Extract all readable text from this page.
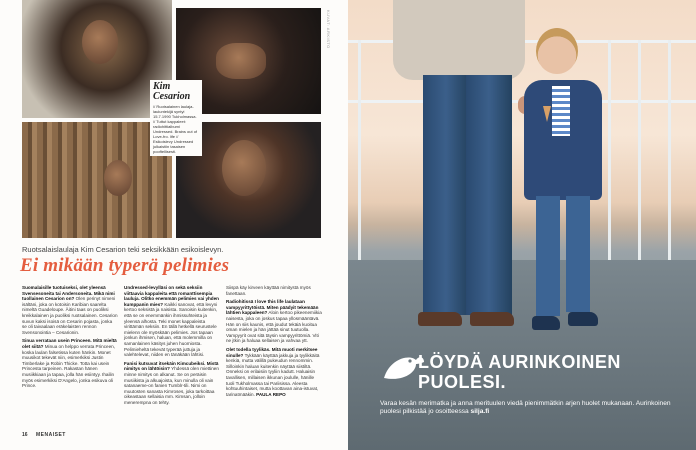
Kim

Cesarion

// Ruotsalainen laulaja-lauluntekijä syntyi 15.7.1990 Tukholmassa. // Tuttut kappaleet: radiohittialbumi Undressed. Brains out of Love-fro. life // Esikoislevy Undressed julkaistiin tasaisen pooftellisesti.

KUVAT: ARKISTO

Ruotsalaislaulaja Kim Cesarion teki seksikkään esikoislevyn.

Ei mikään typerä pelimies

Suomalaisille tuotuiseksi, olet yleensä Svensesoneita tai Andersoneita. Mikä nimi tuollainen Cesarion on? Olen perinyt nimeni isältäni, joka on kotoisin Karibian saarelta nimeltä Guadeloupe. Äitini taas on puoliksi kreikkalainen ja puoliksi ruotsalainen. Cesarion suvun kaksi isoisä on Cesarin pojasta, jonka se oli taivaalaan eräkelaisten rennon Svensonointia – Cesarionin.

Sinua verrataan usein Princeen. Mitä mieltä olet siitä? Minua on helppo verrata Princeen, koska laulan falsetissa kuten hänkin. Monet muusikot tekevät niin, esimerkiksi Justin Timberlake ja Robin Thicke. Totta kai usein Princesta tarpeinen. Rakastan hänen musiikkiaan ja tapaa, jolla hän esiintyy. Ihailin myös esimerkiksi D'Angelo, jonka esikuva oli Prince.

Undressed-levylläsi on sekä seksiin viittaavia kappaleita että romanttisempia lauluja. Olitko enemmän pelimies vai yhden kumppanin mies? Kaikki sanovat, että levyni kertoo seksistä ja naisista. Sanoisin kuitenkin, että se on enemmänkin ihmissuhteista ja yleensä alhosta. Teki monet kappaleista virittämän seksiin. En tällä hetkellä seurustele mielenn ole myöskään pelimies. Jos tapaan jonkun ihmisen, haluan, että molemmilla on samanlainen käsitys juhen huomiosta. Pelimieheltä tekevät typerää juttuja ja valehtelevat, niiden en tänäkään lähtisi.

Fanisi kutsuvat itsekäin Kimcubeiksi. Mistä nimitys on lähtöisin? Yhdessä olen miettinen minne nimitys on alkanut. Se on peräisin musiikista ja alkuajoista, kun minulla oli vain satanaeme-on fanien Tumblr-tili. Nimi on muutosten sanasta Kimroses, joka tarkoittaa oikeastaan sellaisia mm. Kimsan, jolloin menerempna on tehty.

Siispä käy kirveen käyttää nimitystä myös fanettaan.

Radiohitissä I love this life laulataan vampyyrittytöistä. Miten päädyit tekemään lähtien kappaleen? Aloin kertoo pikeenemiikia naisesta, joka on joskus tapaa yllosmääntävä. Hän on siis kaunis, että joudut tekäiä kuoitua oman mielen ja hän jättää sinut tuutuolla. Vampyyrit ovat sitä täysin vampyyrittömiä. Viti ne jtkin ja haluaa sellaisen ja vahvaa ytt.

Olet todella tyylikäs. Mitä muoti merkitsee sinulle? Tykkään käyttää jakkuja ja tyylikkäitä kenkiä, mutta välillä pukeudun rennommin. Silloinkin haluan kuitenkin näyttää siistiltä. Onneksi on erilaisiin tyyliin kadutt. Haluaisin tavallisen, millaisen ikkunan joululle, hänille tuoli Tukholmassa tai Pariisissa. Aleesta kohtuuhintaiset, mutta koottavan aina-istuvat, tarinatmääkin. PAULA REPO

16 MENAISET

LÖYDÄ AURINKOINEN
PUOLESI.

Varaa kesän merimatka ja anna merituulen viedä pienimmätkin arjen huolet mukanaan. Aurinkoinen puolesi pilkistää jo osoitteessa silja.fi
